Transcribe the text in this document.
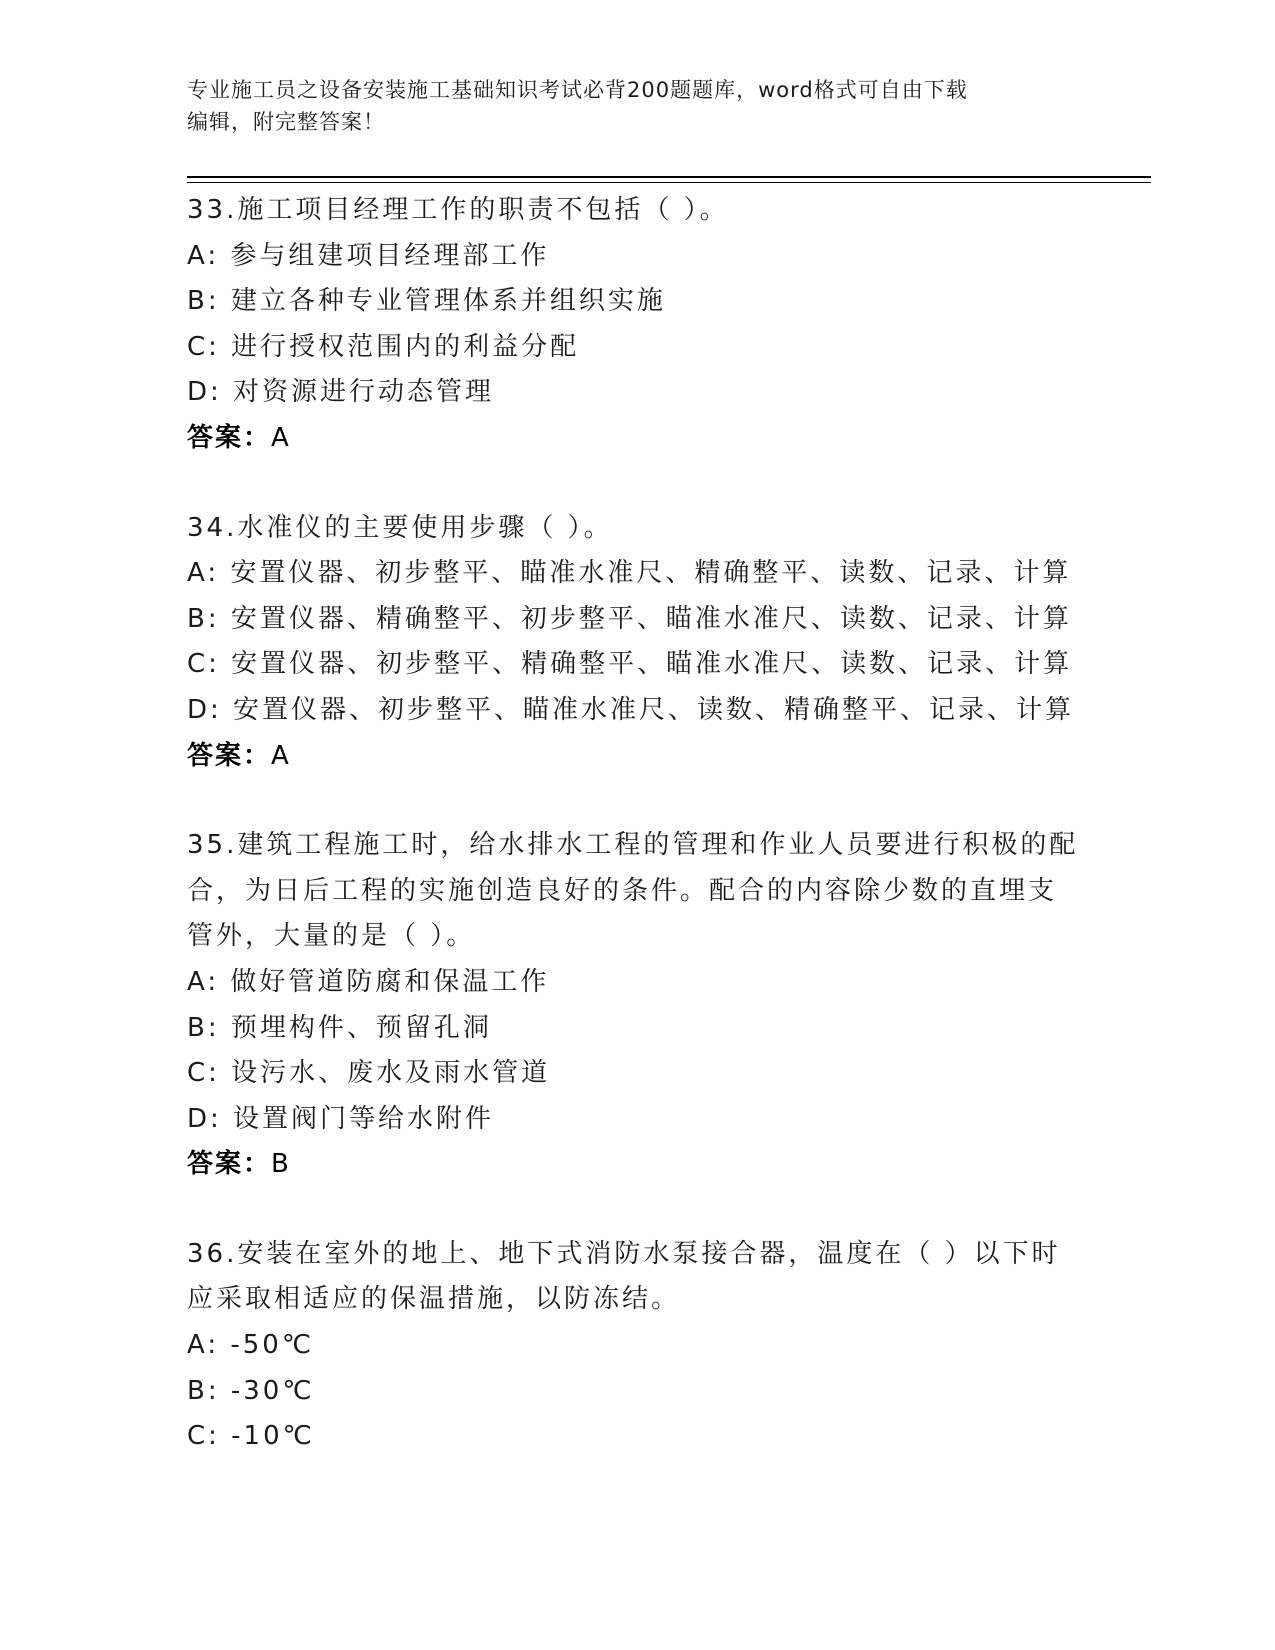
专业施工员之设备安装施工基础知识考试必背200题题库，word格式可自由下载
编辑，附完整答案！
33.施工项目经理工作的职责不包括（ ）。
A: 参与组建项目经理部工作
B: 建立各种专业管理体系并组织实施
C: 进行授权范围内的利益分配
D: 对资源进行动态管理
答案：A
34.水准仪的主要使用步骤（ ）。
A: 安置仪器、初步整平、瞄准水准尺、精确整平、读数、记录、计算
B: 安置仪器、精确整平、初步整平、瞄准水准尺、读数、记录、计算
C: 安置仪器、初步整平、精确整平、瞄准水准尺、读数、记录、计算
D: 安置仪器、初步整平、瞄准水准尺、读数、精确整平、记录、计算
答案：A
35.建筑工程施工时，给水排水工程的管理和作业人员要进行积极的配
合，为日后工程的实施创造良好的条件。配合的内容除少数的直埋支
管外，大量的是（ ）。
A: 做好管道防腐和保温工作
B: 预埋构件、预留孔洞
C: 设污水、废水及雨水管道
D: 设置阀门等给水附件
答案：B
36.安装在室外的地上、地下式消防水泵接合器，温度在（ ）以下时
应采取相适应的保温措施，以防冻结。
A: -50℃
B: -30℃
C: -10℃
